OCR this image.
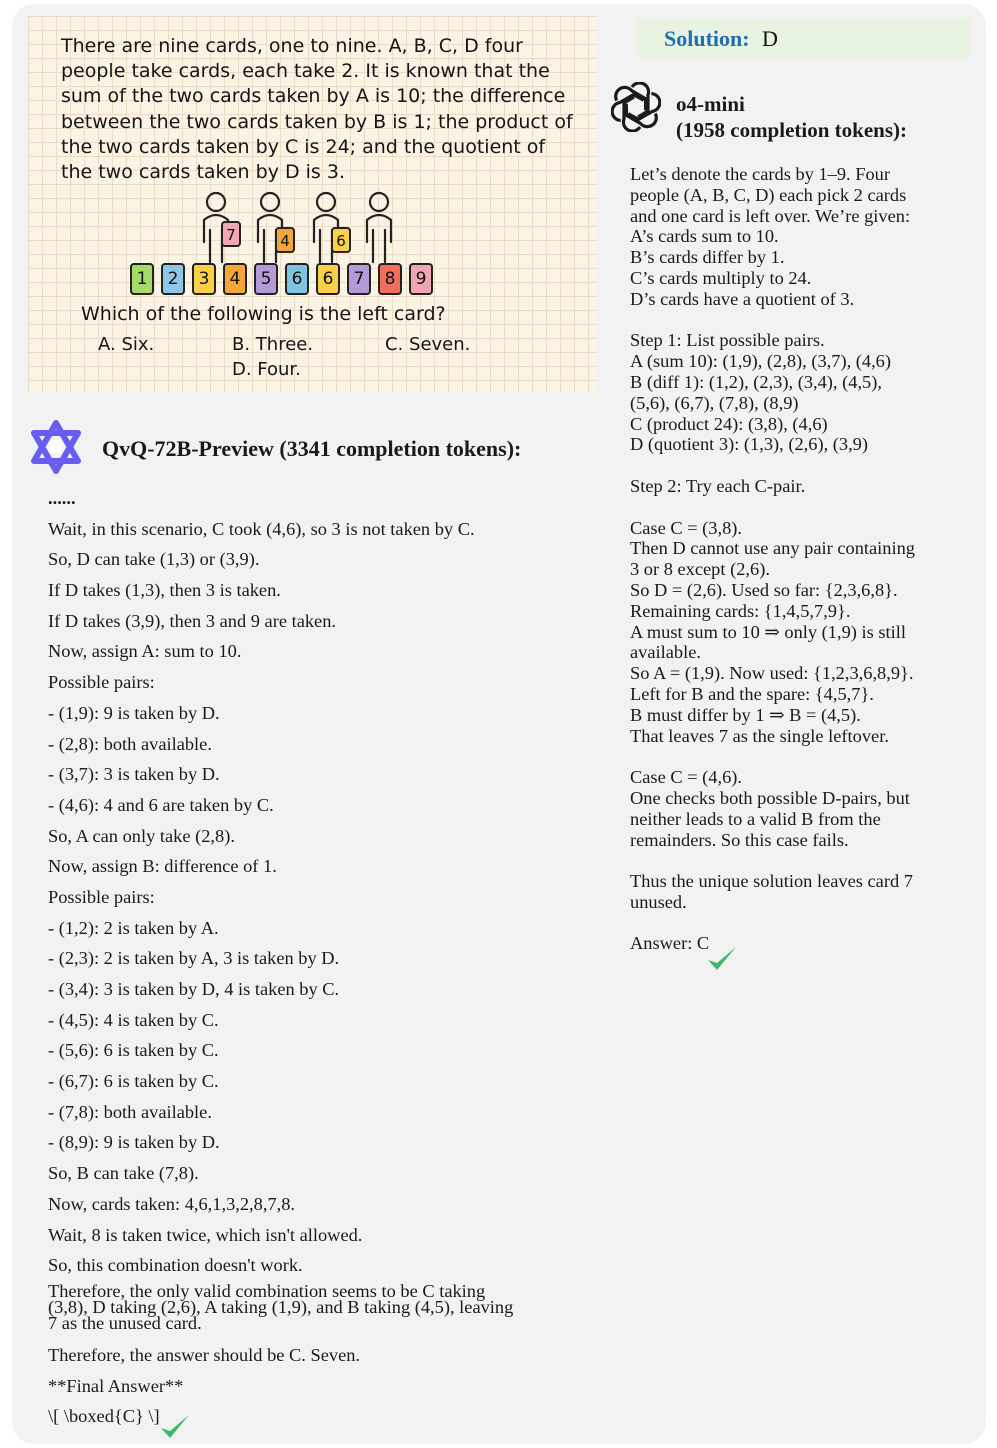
There are nine cards, one to nine. A, B, C, D four
people take cards, each take 2. It is known that the
sum of the two cards taken by A is 10; the difference
between the two cards taken by B is 1; the product of
the two cards taken by C is 24; and the quotient of
the two cards taken by D is 3.
7	4	6
1	2	3	4	5	6	6	7	8	9
Which of the following is the left card?
A. Six.	B. Three.	C. Seven.
D. Four.
QvQ-72B-Preview (3341 completion tokens):
......
Wait, in this scenario, C took (4,6), so 3 is not taken by C.
So, D can take (1,3) or (3,9).
If D takes (1,3), then 3 is taken.
If D takes (3,9), then 3 and 9 are taken.
Now, assign A: sum to 10.
Possible pairs:
- (1,9): 9 is taken by D.
- (2,8): both available.
- (3,7): 3 is taken by D.
- (4,6): 4 and 6 are taken by C.
So, A can only take (2,8).
Now, assign B: difference of 1.
Possible pairs:
- (1,2): 2 is taken by A.
- (2,3): 2 is taken by A, 3 is taken by D.
- (3,4): 3 is taken by D, 4 is taken by C.
- (4,5): 4 is taken by C.
- (5,6): 6 is taken by C.
- (6,7): 6 is taken by C.
- (7,8): both available.
- (8,9): 9 is taken by D.
So, B can take (7,8).
Now, cards taken: 4,6,1,3,2,8,7,8.
Wait, 8 is taken twice, which isn't allowed.
So, this combination doesn't work.
Therefore, the only valid combination seems to be C taking
(3,8), D taking (2,6), A taking (1,9), and B taking (4,5), leaving
7 as the unused card.
Therefore, the answer should be C. Seven.
**Final Answer**
\[ \boxed{C} \]
Solution: D
o4-mini
(1958 completion tokens):
Let’s denote the cards by 1–9. Four
people (A, B, C, D) each pick 2 cards
and one card is left over. We’re given:
A’s cards sum to 10.
B’s cards differ by 1.
C’s cards multiply to 24.
D’s cards have a quotient of 3.
Step 1: List possible pairs.
A (sum 10): (1,9), (2,8), (3,7), (4,6)
B (diff 1): (1,2), (2,3), (3,4), (4,5),
(5,6), (6,7), (7,8), (8,9)
C (product 24): (3,8), (4,6)
D (quotient 3): (1,3), (2,6), (3,9)
Step 2: Try each C-pair.
Case C = (3,8).
Then D cannot use any pair containing
3 or 8 except (2,6).
So D = (2,6). Used so far: {2,3,6,8}.
Remaining cards: {1,4,5,7,9}.
A must sum to 10 ⇒ only (1,9) is still
available.
So A = (1,9). Now used: {1,2,3,6,8,9}.
Left for B and the spare: {4,5,7}.
B must differ by 1 ⇒ B = (4,5).
That leaves 7 as the single leftover.
Case C = (4,6).
One checks both possible D-pairs, but
neither leads to a valid B from the
remainders. So this case fails.
Thus the unique solution leaves card 7
unused.
Answer: C
